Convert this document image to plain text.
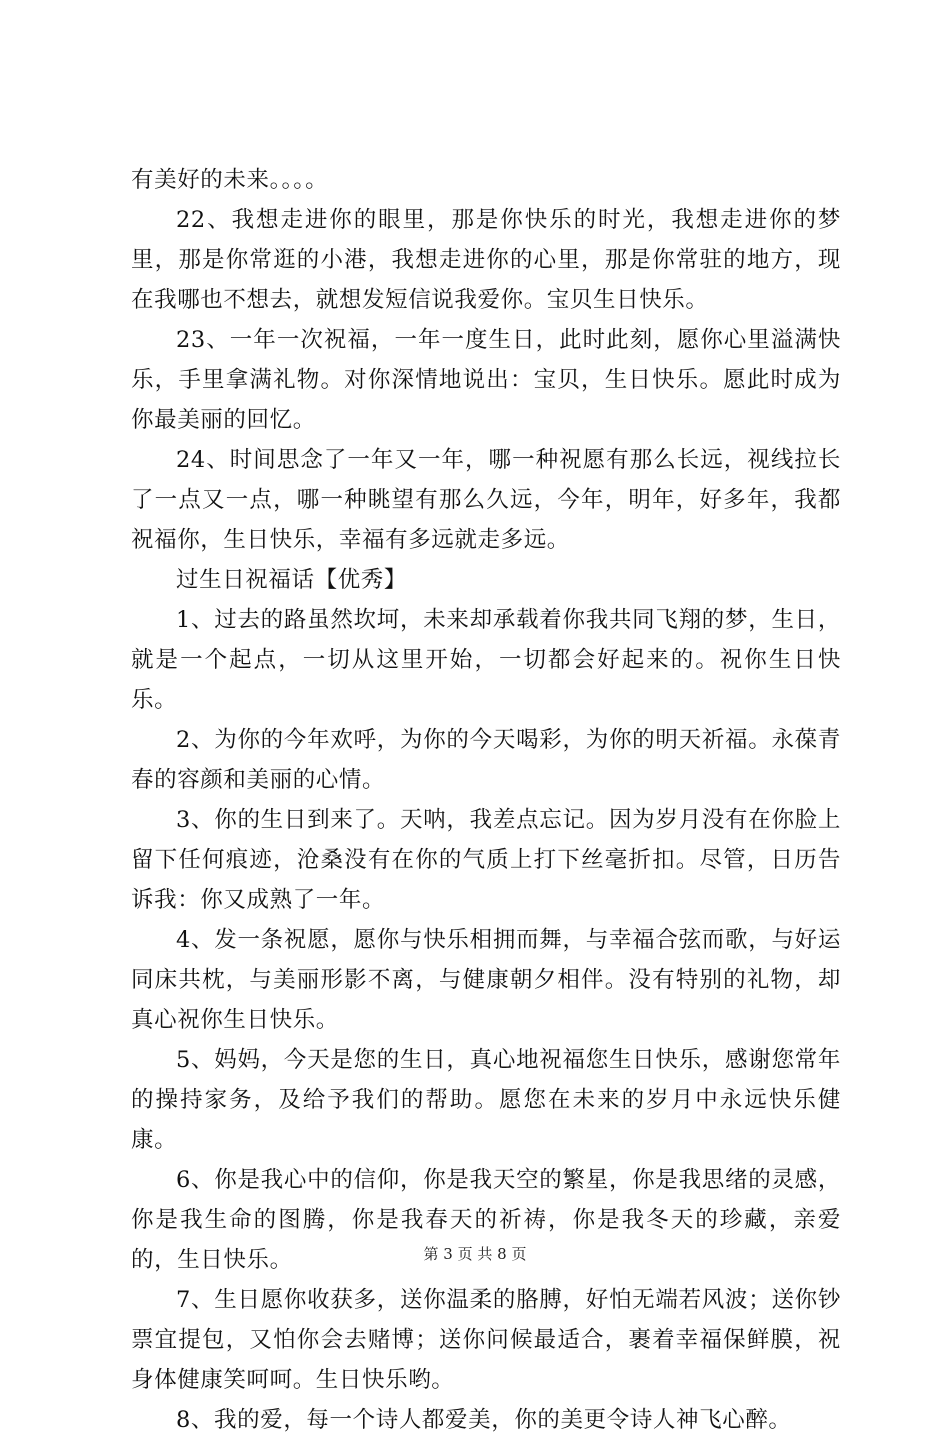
有美好的未来。。。。

22、我想走进你的眼里，那是你快乐的时光，我想走进你的梦里，那是你常逛的小港，我想走进你的心里，那是你常驻的地方，现在我哪也不想去，就想发短信说我爱你。宝贝生日快乐。

23、一年一次祝福，一年一度生日，此时此刻，愿你心里溢满快乐，手里拿满礼物。对你深情地说出：宝贝，生日快乐。愿此时成为你最美丽的回忆。

24、时间思念了一年又一年，哪一种祝愿有那么长远，视线拉长了一点又一点，哪一种眺望有那么久远，今年，明年，好多年，我都祝福你，生日快乐，幸福有多远就走多远。

过生日祝福话【优秀】

1、过去的路虽然坎坷，未来却承载着你我共同飞翔的梦，生日，就是一个起点，一切从这里开始，一切都会好起来的。祝你生日快乐。

2、为你的今年欢呼，为你的今天喝彩，为你的明天祈福。永葆青春的容颜和美丽的心情。

3、你的生日到来了。天呐，我差点忘记。因为岁月没有在你脸上留下任何痕迹，沧桑没有在你的气质上打下丝毫折扣。尽管，日历告诉我：你又成熟了一年。

4、发一条祝愿，愿你与快乐相拥而舞，与幸福合弦而歌，与好运同床共枕，与美丽形影不离，与健康朝夕相伴。没有特别的礼物，却真心祝你生日快乐。

5、妈妈，今天是您的生日，真心地祝福您生日快乐，感谢您常年的操持家务，及给予我们的帮助。愿您在未来的岁月中永远快乐健康。

6、你是我心中的信仰，你是我天空的繁星，你是我思绪的灵感，你是我生命的图腾，你是我春天的祈祷，你是我冬天的珍藏，亲爱的，生日快乐。

7、生日愿你收获多，送你温柔的胳膊，好怕无端若风波；送你钞票宜提包，又怕你会去赌博；送你问候最适合，裹着幸福保鲜膜，祝身体健康笑呵呵。生日快乐哟。

8、我的爱，每一个诗人都爱美，你的美更令诗人神飞心醉。

第 3 页 共 8 页
